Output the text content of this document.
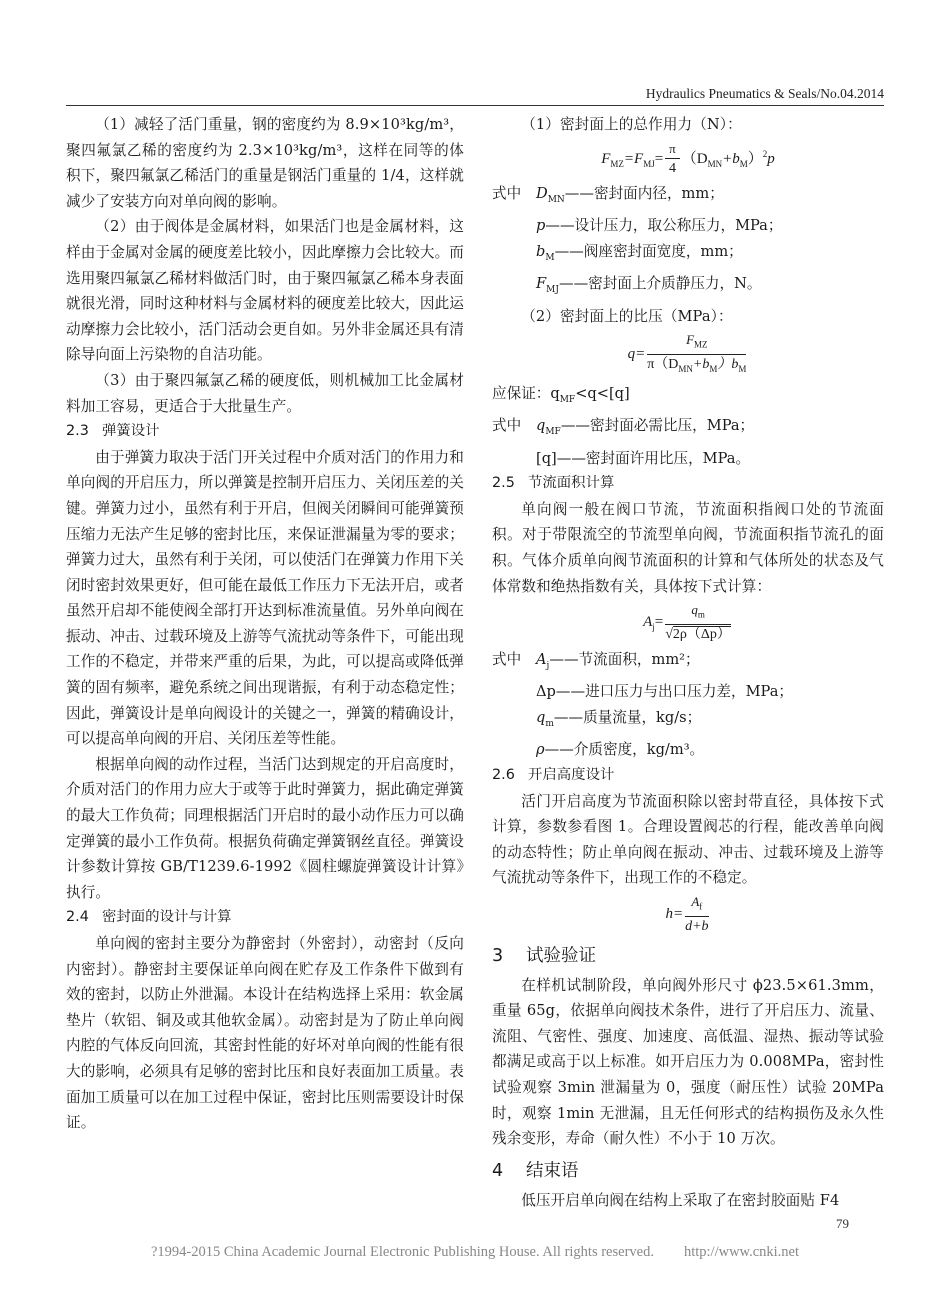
Hydraulics Pneumatics & Seals/No.04.2014

（1）减轻了活门重量，钢的密度约为 8.9×10³kg/m³，聚四氟氯乙稀的密度约为 2.3×10³kg/m³，这样在同等的体积下，聚四氟氯乙稀活门的重量是钢活门重量的 1/4，这样就减少了安装方向对单向阀的影响。

（2）由于阀体是金属材料，如果活门也是金属材料，这样由于金属对金属的硬度差比较小，因此摩擦力会比较大。而选用聚四氟氯乙稀材料做活门时，由于聚四氟氯乙稀本身表面就很光滑，同时这种材料与金属材料的硬度差比较大，因此运动摩擦力会比较小，活门活动会更自如。另外非金属还具有清除导向面上污染物的自洁功能。

（3）由于聚四氟氯乙稀的硬度低，则机械加工比金属材料加工容易，更适合于大批量生产。

2.3 弹簧设计

由于弹簧力取决于活门开关过程中介质对活门的作用力和单向阀的开启压力，所以弹簧是控制开启压力、关闭压差的关键。弹簧力过小，虽然有利于开启，但阀关闭瞬间可能弹簧预压缩力无法产生足够的密封比压，来保证泄漏量为零的要求；弹簧力过大，虽然有利于关闭，可以使活门在弹簧力作用下关闭时密封效果更好，但可能在最低工作压力下无法开启，或者虽然开启却不能使阀全部打开达到标准流量值。另外单向阀在振动、冲击、过载环境及上游等气流扰动等条件下，可能出现工作的不稳定，并带来严重的后果，为此，可以提高或降低弹簧的固有频率，避免系统之间出现谐振，有利于动态稳定性；因此，弹簧设计是单向阀设计的关键之一，弹簧的精确设计，可以提高单向阀的开启、关闭压差等性能。

根据单向阀的动作过程，当活门达到规定的开启高度时，介质对活门的作用力应大于或等于此时弹簧力，据此确定弹簧的最大工作负荷；同理根据活门开启时的最小动作压力可以确定弹簧的最小工作负荷。根据负荷确定弹簧钢丝直径。弹簧设计参数计算按 GB/T1239.6-1992《圆柱螺旋弹簧设计计算》执行。

2.4 密封面的设计与计算

单向阀的密封主要分为静密封（外密封），动密封（反向内密封）。静密封主要保证单向阀在贮存及工作条件下做到有效的密封，以防止外泄漏。本设计在结构选择上采用：软金属垫片（软铝、铜及或其他软金属）。动密封是为了防止单向阀内腔的气体反向回流，其密封性能的好坏对单向阀的性能有很大的影响，必须具有足够的密封比压和良好表面加工质量。表面加工质量可以在加工过程中保证，密封比压则需要设计时保证。

（1）密封面上的总作用力（N）：

$F_{MZ}=F_{MJ}= \frac{\pi}{4} (D_{MN}+b_M)^2p$
式中 $D_{MN}——$密封面内径，mm；
p——设计压力，取公称压力，MPa；
$b_M——$阀座密封面宽度，mm；
$F_{MJ}——$密封面上介质静压力，N。

（2）密封面上的比压（MPa）：

$q= \frac{F_{MZ}}{\pi(D_{MN}+b_M)b_M}$
应保证：$q_{MF}<q<[q]$
式中 $q_{MF}——$密封面必需比压，MPa；
[q]——密封面许用比压，MPa。
2.5 节流面积计算

单向阀一般在阀口节流，节流面积指阀口处的节流面积。对于带限流空的节流型单向阀，节流面积指节流孔的面积。气体介质单向阀节流面积的计算和气体所处的状态及气体常数和绝热指数有关，具体按下式计算：

$A_j= \frac{q_m}{√2\rho(\Delta p)}$
式中 $A_j——$节流面积，mm²；
Δp——进口压力与出口压力差，MPa；
$q_m——$质量流量，kg/s；
ρ——介质密度，kg/m³。
2.6 开启高度设计

活门开启高度为节流面积除以密封带直径，具体按下式计算，参数参看图 1。合理设置阀芯的行程，能改善单向阀的动态特性；防止单向阀在振动、冲击、过载环境及上游等气流扰动等条件下，出现工作的不稳定。

$h= \frac{A_f}{d+b}$
3 试验验证

在样机试制阶段，单向阀外形尺寸 ϕ23.5×61.3mm，重量 65g，依据单向阀技术条件，进行了开启压力、流量、流阻、气密性、强度、加速度、高低温、湿热、振动等试验都满足或高于以上标准。如开启压力为 0.008MPa，密封性试验观察 3min 泄漏量为 0，强度（耐压性）试验 20MPa 时，观察 1min 无泄漏，且无任何形式的结构损伤及永久性残余变形，寿命（耐久性）不小于 10 万次。

4 结束语

低压开启单向阀在结构上采取了在密封胶面贴 F4

79
?1994-2015 China Academic Journal Electronic Publishing House. All rights reserved. http://www.cnki.net
